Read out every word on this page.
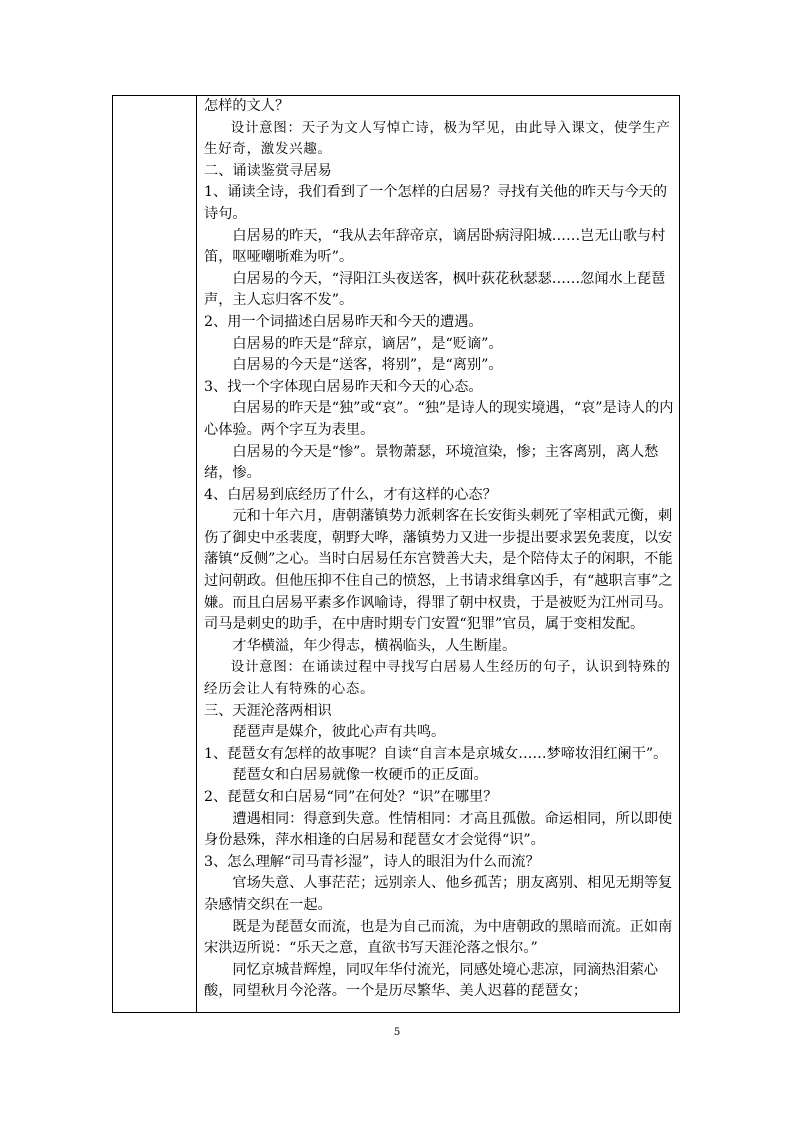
怎样的文人？

设计意图：天子为文人写悼亡诗，极为罕见，由此导入课文，使学生产生好奇，激发兴趣。

二、诵读鉴赏寻居易

1、诵读全诗，我们看到了一个怎样的白居易？寻找有关他的昨天与今天的诗句。

白居易的昨天，“我从去年辞帝京，谪居卧病浔阳城……岂无山歌与村笛，呕哑嘲哳难为听”。

白居易的今天，“浔阳江头夜送客，枫叶荻花秋瑟瑟……忽闻水上琵琶声，主人忘归客不发”。

2、用一个词描述白居易昨天和今天的遭遇。

白居易的昨天是“辞京，谪居”，是“贬谪”。

白居易的今天是“送客，将别”，是“离别”。

3、找一个字体现白居易昨天和今天的心态。

白居易的昨天是“独”或“哀”。“独”是诗人的现实境遇，“哀”是诗人的内心体验。两个字互为表里。

白居易的今天是“惨”。景物萧瑟，环境渲染，惨；主客离别，离人愁绪，惨。

4、白居易到底经历了什么，才有这样的心态？

元和十年六月，唐朝藩镇势力派刺客在长安街头刺死了宰相武元衡，刺伤了御史中丞裴度，朝野大哗，藩镇势力又进一步提出要求罢免裴度，以安藩镇“反侧”之心。当时白居易任东宫赞善大夫，是个陪侍太子的闲职，不能过问朝政。但他压抑不住自己的愤怒，上书请求缉拿凶手，有“越职言事”之嫌。而且白居易平素多作讽喻诗，得罪了朝中权贵，于是被贬为江州司马。司马是刺史的助手，在中唐时期专门安置“犯罪”官员，属于变相发配。

才华横溢，年少得志，横祸临头，人生断崖。

设计意图：在诵读过程中寻找写白居易人生经历的句子，认识到特殊的经历会让人有特殊的心态。

三、天涯沦落两相识

琵琶声是媒介，彼此心声有共鸣。

1、琵琶女有怎样的故事呢？自读“自言本是京城女……梦啼妆泪红阑干”。

琵琶女和白居易就像一枚硬币的正反面。

2、琵琶女和白居易“同”在何处？“识”在哪里？

遭遇相同：得意到失意。性情相同：才高且孤傲。命运相同，所以即使身份悬殊，萍水相逢的白居易和琵琶女才会觉得“识”。

3、怎么理解“司马青衫湿”，诗人的眼泪为什么而流？

官场失意、人事茫茫；远别亲人、他乡孤苦；朋友离别、相见无期等复杂感情交织在一起。

既是为琵琶女而流，也是为自己而流，为中唐朝政的黑暗而流。正如南宋洪迈所说：“乐天之意，直欲书写天涯沦落之恨尔。”

同忆京城昔辉煌，同叹年华付流光，同感处境心悲凉，同滴热泪萦心酸，同望秋月今沦落。一个是历尽繁华、美人迟暮的琵琶女；

5
